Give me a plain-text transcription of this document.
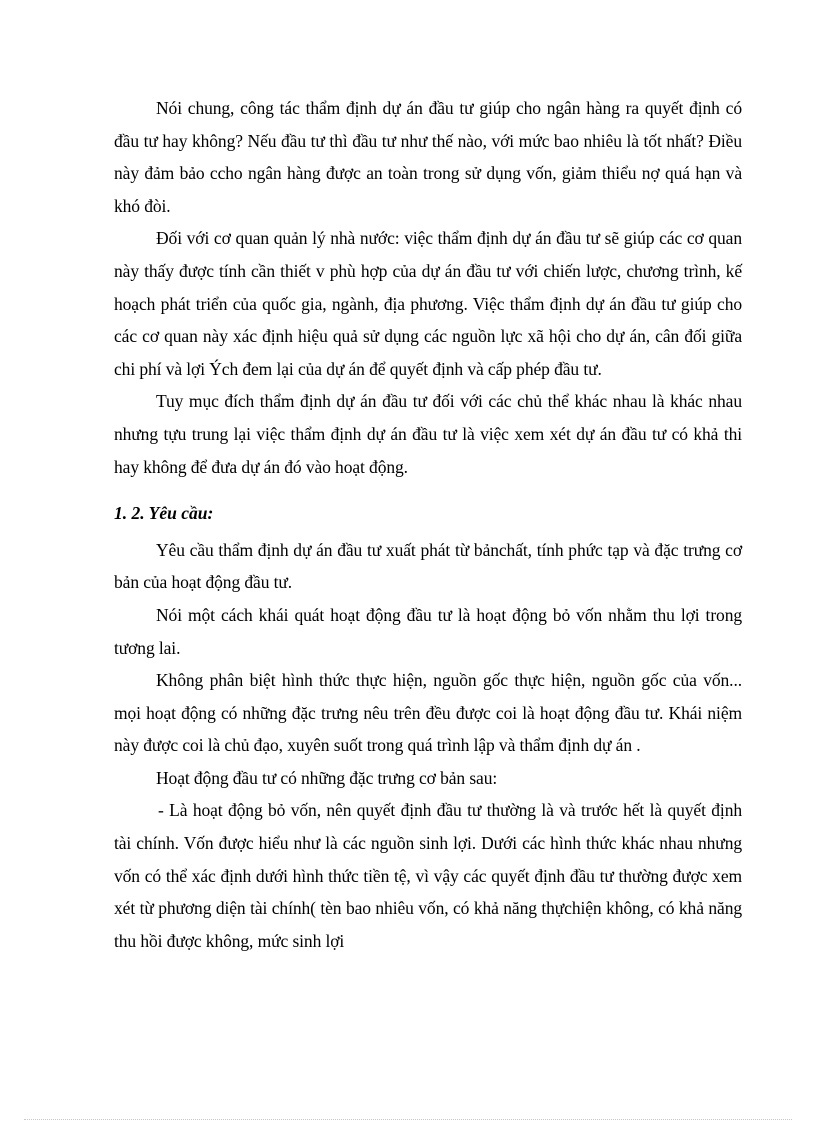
Nói chung, công tác thẩm định dự án đầu tư giúp cho ngân hàng ra quyết định có đầu tư hay không? Nếu đầu tư thì đầu tư như thế nào, với mức bao nhiêu là tốt nhất? Điều này đảm bảo ccho ngân hàng được an toàn trong sử dụng vốn, giảm thiểu nợ quá hạn và khó đòi.

Đối với cơ quan quản lý nhà nước: việc thẩm định dự án đầu tư sẽ giúp các cơ quan này thấy được tính cần thiết v phù hợp của dự án đầu tư với chiến lược, chương trình, kế hoạch phát triển của quốc gia, ngành, địa phương. Việc thẩm định dự án đầu tư giúp cho các cơ quan này xác định hiệu quả sử dụng các nguồn lực xã hội cho dự án, cân đối giữa chi phí và lợi Ých đem lại của dự án để quyết định và cấp phép đầu tư.

Tuy mục đích thẩm định dự án đầu tư đối với các chủ thể khác nhau là khác nhau nhưng tựu trung lại việc thẩm định dự án đầu tư là việc xem xét dự án đầu tư có khả thi hay không để đưa dự án đó vào hoạt động.

1. 2. Yêu cầu:

Yêu cầu thẩm định dự án đầu tư xuất phát từ bảnchất, tính phức tạp và đặc trưng cơ bản của hoạt động đầu tư.

Nói một cách khái quát hoạt động đầu tư là hoạt động bỏ vốn nhằm thu lợi trong tương lai.

Không phân biệt hình thức thực hiện, nguồn gốc thực hiện, nguồn gốc của vốn... mọi hoạt động có những đặc trưng nêu trên đều được coi là hoạt động đầu tư. Khái niệm này được coi là chủ đạo, xuyên suốt trong quá trình lập và thẩm định dự án .

Hoạt động đầu tư có những đặc trưng cơ bản sau:

- Là hoạt động bỏ vốn, nên quyết định đầu tư thường là và trước hết là quyết định tài chính. Vốn được hiểu như là các nguồn sinh lợi. Dưới các hình thức khác nhau nhưng vốn có thể xác định dưới hình thức tiền tệ, vì vậy các quyết định đầu tư thường được xem xét từ phương diện tài chính( tèn bao nhiêu vốn, có khả năng thựchiện không, có khả năng thu hồi được không, mức sinh lợi
